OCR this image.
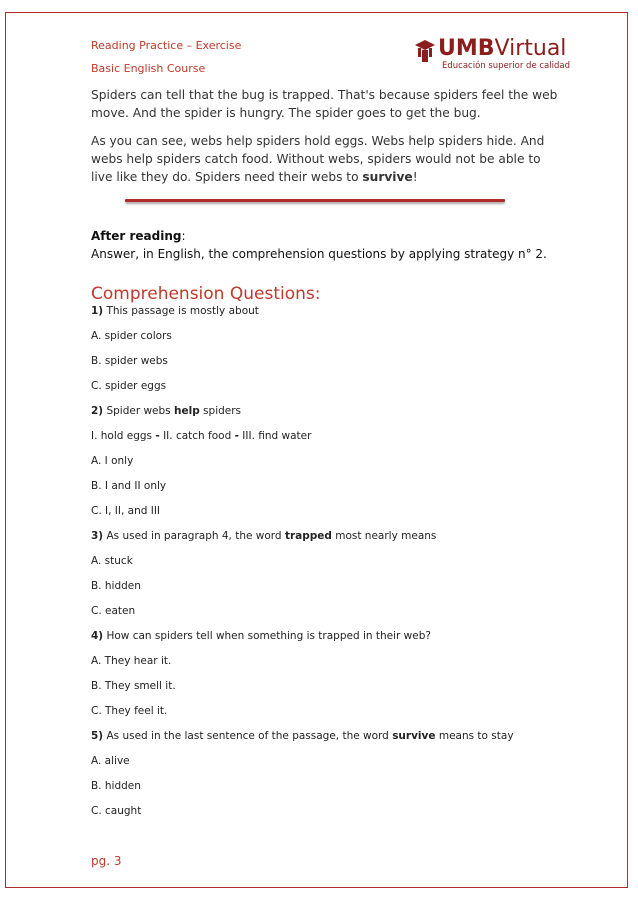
Reading Practice – Exercise
Basic English Course
UMBVirtual
Educación superior de calidad
Spiders can tell that the bug is trapped. That's because spiders feel the web move. And the spider is hungry. The spider goes to get the bug.
As you can see, webs help spiders hold eggs. Webs help spiders hide. And webs help spiders catch food. Without webs, spiders would not be able to live like they do. Spiders need their webs to survive!
After reading:
Answer, in English, the comprehension questions by applying strategy n° 2.
Comprehension Questions:
1) This passage is mostly about
A. spider colors
B. spider webs
C. spider eggs
2) Spider webs help spiders
I. hold eggs - II. catch food - III. find water
A. I only
B. I and II only
C. I, II, and III
3) As used in paragraph 4, the word trapped most nearly means
A. stuck
B. hidden
C. eaten
4) How can spiders tell when something is trapped in their web?
A. They hear it.
B. They smell it.
C. They feel it.
5) As used in the last sentence of the passage, the word survive means to stay
A. alive
B. hidden
C. caught
pg. 3
